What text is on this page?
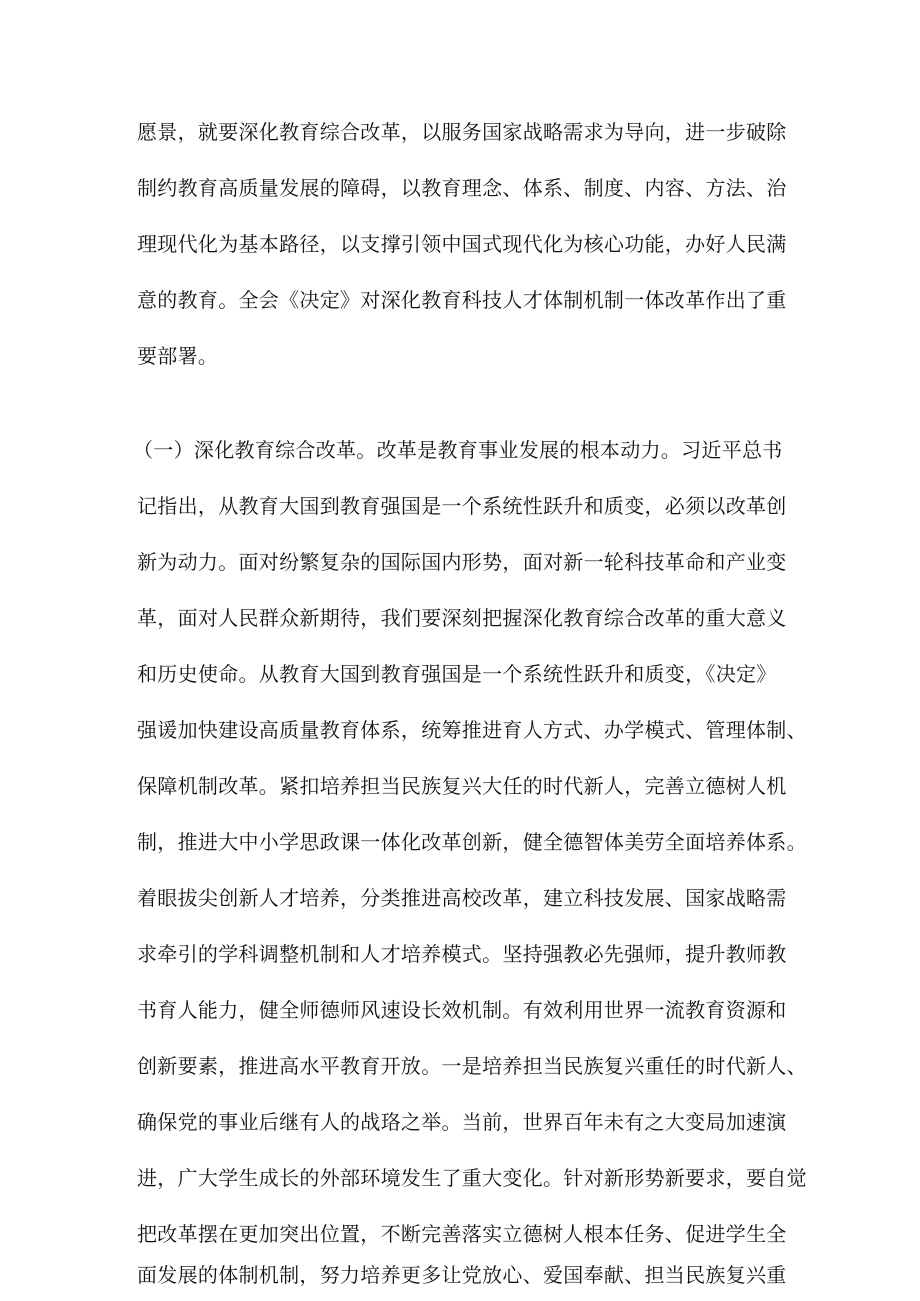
愿景，就要深化教育综合改革，以服务国家战略需求为导向，进一步破除
制约教育高质量发展的障碍，以教育理念、体系、制度、内容、方法、治
理现代化为基本路径，以支撑引领中国式现代化为核心功能，办好人民满
意的教育。全会《决定》对深化教育科技人才体制机制一体改革作出了重
要部署。
（一）深化教育综合改革。改革是教育事业发展的根本动力。习近平总书
记指出，从教育大国到教育强国是一个系统性跃升和质变，必须以改革创
新为动力。面对纷繁复杂的国际国内形势，面对新一轮科技革命和产业变
革，面对人民群众新期待，我们要深刻把握深化教育综合改革的重大意义
和历史使命。从教育大国到教育强国是一个系统性跃升和质变，《决定》
强谖加快建设高质量教育体系，统筹推进育人方式、办学模式、管理体制、
保障机制改革。紧扣培养担当民族复兴大任的时代新人，完善立德树人机
制，推进大中小学思政课一体化改革创新，健全德智体美劳全面培养体系。
着眼拔尖创新人才培养，分类推进高校改革，建立科技发展、国家战略需
求牵引的学科调整机制和人才培养模式。坚持强教必先强师，提升教师教
书育人能力，健全师德师风速设长效机制。有效利用世界一流教育资源和
创新要素，推进高水平教育开放。一是培养担当民族复兴重任的时代新人、
确保党的事业后继有人的战珞之举。当前，世界百年未有之大变局加速演
进，广大学生成长的外部环境发生了重大变化。针对新形势新要求，要自觉
把改革摆在更加突出位置，不断完善落实立德树人根本任务、促进学生全
面发展的体制机制，努力培养更多让党放心、爱国奉献、担当民族复兴重
